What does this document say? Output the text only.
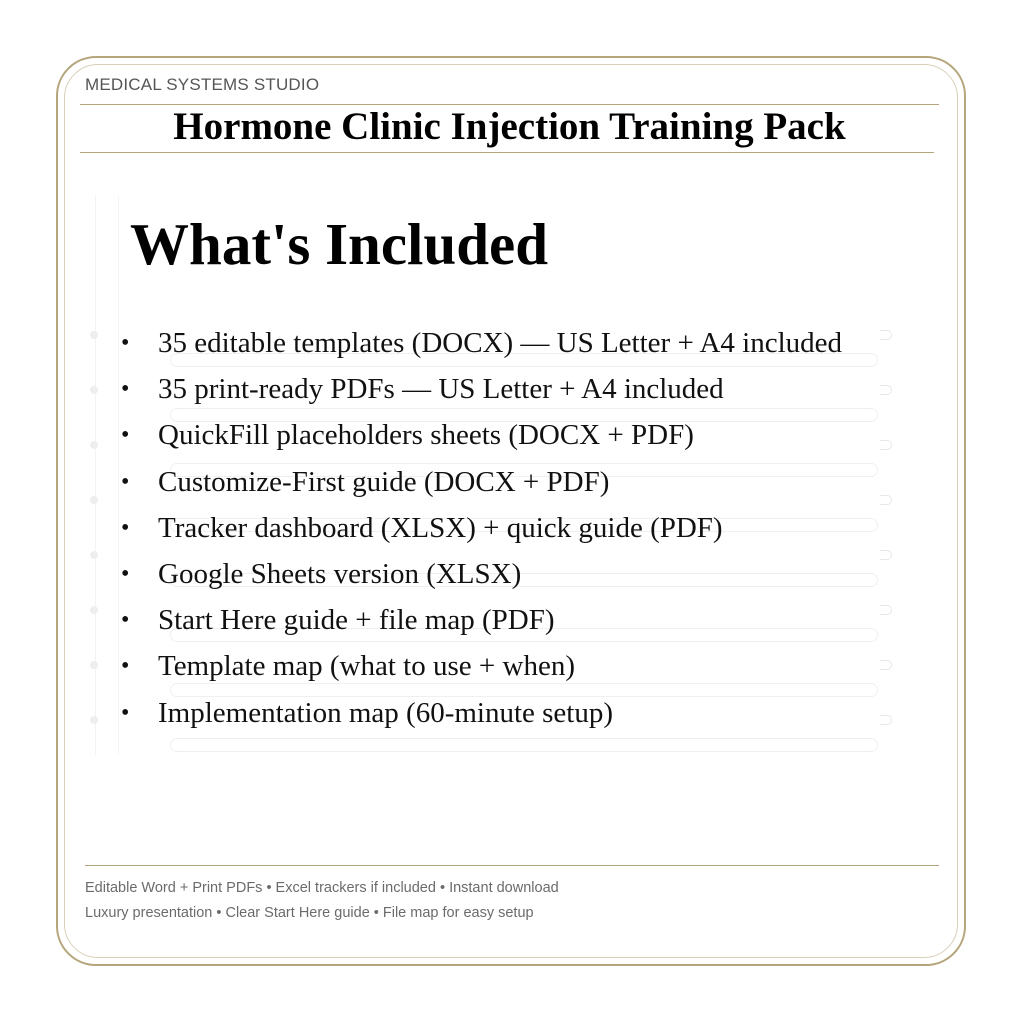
MEDICAL SYSTEMS STUDIO
Hormone Clinic Injection Training Pack
What's Included
• 35 editable templates (DOCX) — US Letter + A4 included
• 35 print-ready PDFs — US Letter + A4 included
• QuickFill placeholders sheets (DOCX + PDF)
• Customize-First guide (DOCX + PDF)
• Tracker dashboard (XLSX) + quick guide (PDF)
• Google Sheets version (XLSX)
• Start Here guide + file map (PDF)
• Template map (what to use + when)
• Implementation map (60-minute setup)
Editable Word + Print PDFs • Excel trackers if included • Instant download
Luxury presentation • Clear Start Here guide • File map for easy setup
